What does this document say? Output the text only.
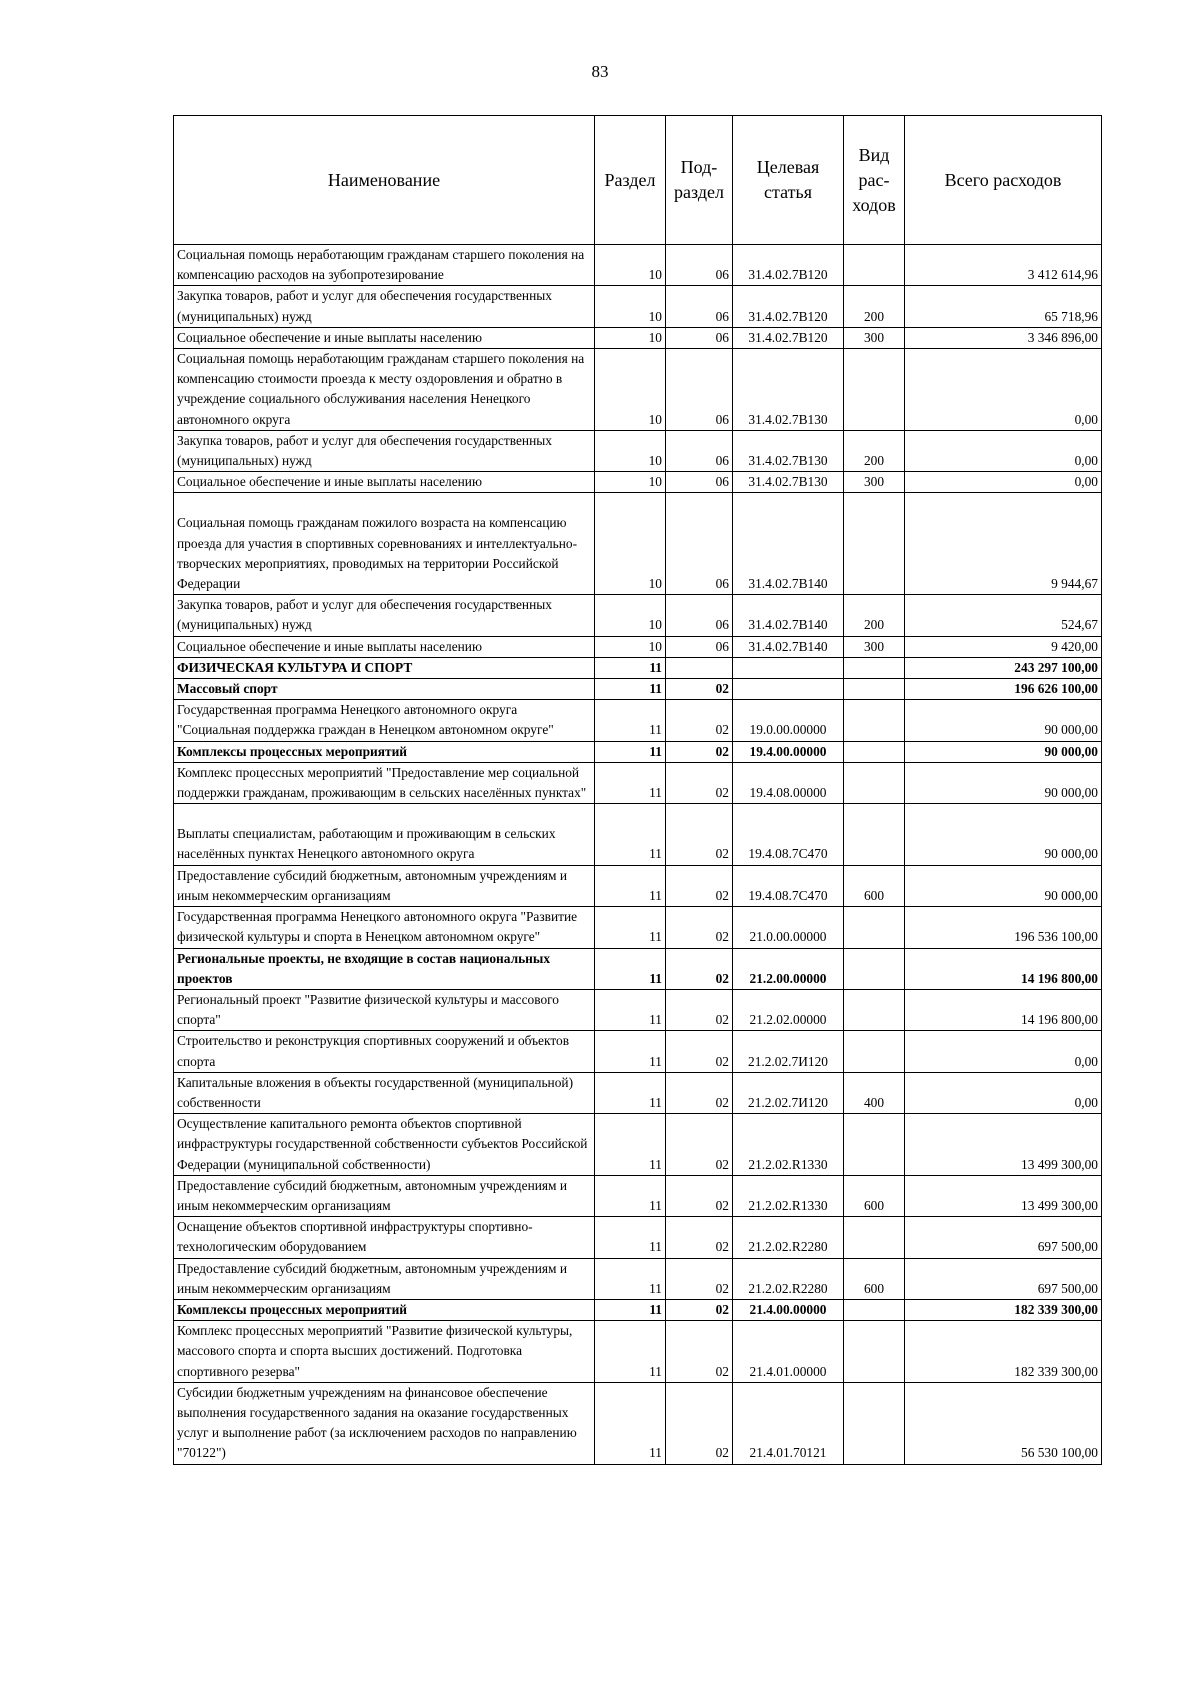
83
Наименование	Раздел	Под-раздел	Целевая статья	Вид рас-ходов	Всего расходов
Социальная помощь неработающим гражданам старшего поколения на компенсацию расходов на зубопротезирование	10	06	31.4.02.7В120		3 412 614,96
Закупка товаров, работ и услуг для обеспечения государственных (муниципальных) нужд	10	06	31.4.02.7В120	200	65 718,96
Социальное обеспечение и иные выплаты населению	10	06	31.4.02.7В120	300	3 346 896,00
Социальная помощь неработающим гражданам старшего поколения на компенсацию стоимости проезда к месту оздоровления и обратно в учреждение социального обслуживания населения Ненецкого автономного округа	10	06	31.4.02.7В130		0,00
Закупка товаров, работ и услуг для обеспечения государственных (муниципальных) нужд	10	06	31.4.02.7В130	200	0,00
Социальное обеспечение и иные выплаты населению	10	06	31.4.02.7В130	300	0,00

Социальная помощь гражданам пожилого возраста на компенсацию проезда для участия в спортивных соревнованиях и интеллектуально-творческих мероприятиях, проводимых на территории Российской Федерации	10	06	31.4.02.7В140		9 944,67
Закупка товаров, работ и услуг для обеспечения государственных (муниципальных) нужд	10	06	31.4.02.7В140	200	524,67
Социальное обеспечение и иные выплаты населению	10	06	31.4.02.7В140	300	9 420,00
ФИЗИЧЕСКАЯ КУЛЬТУРА И СПОРТ	11				243 297 100,00
Массовый спорт	11	02			196 626 100,00
Государственная программа Ненецкого автономного округа "Социальная поддержка граждан в Ненецком автономном округе"	11	02	19.0.00.00000		90 000,00
Комплексы процессных мероприятий	11	02	19.4.00.00000		90 000,00
Комплекс процессных мероприятий "Предоставление мер социальной поддержки гражданам, проживающим в сельских населённых пунктах"	11	02	19.4.08.00000		90 000,00

Выплаты специалистам, работающим и проживающим в сельских населённых пунктах Ненецкого автономного округа	11	02	19.4.08.7С470		90 000,00
Предоставление субсидий бюджетным, автономным учреждениям и иным некоммерческим организациям	11	02	19.4.08.7С470	600	90 000,00
Государственная программа Ненецкого автономного округа "Развитие физической культуры и спорта в Ненецком автономном округе"	11	02	21.0.00.00000		196 536 100,00
Региональные проекты, не входящие в состав национальных проектов	11	02	21.2.00.00000		14 196 800,00
Региональный проект "Развитие физической культуры и массового спорта"	11	02	21.2.02.00000		14 196 800,00
Строительство и реконструкция спортивных сооружений и объектов спорта	11	02	21.2.02.7И120		0,00
Капитальные вложения в объекты государственной (муниципальной) собственности	11	02	21.2.02.7И120	400	0,00
Осуществление капитального ремонта объектов спортивной инфраструктуры государственной собственности субъектов Российской Федерации (муниципальной собственности)	11	02	21.2.02.R1330		13 499 300,00
Предоставление субсидий бюджетным, автономным учреждениям и иным некоммерческим организациям	11	02	21.2.02.R1330	600	13 499 300,00
Оснащение объектов спортивной инфраструктуры спортивно-технологическим оборудованием	11	02	21.2.02.R2280		697 500,00
Предоставление субсидий бюджетным, автономным учреждениям и иным некоммерческим организациям	11	02	21.2.02.R2280	600	697 500,00
Комплексы процессных мероприятий	11	02	21.4.00.00000		182 339 300,00
Комплекс процессных мероприятий "Развитие физической культуры, массового спорта и спорта высших достижений. Подготовка спортивного резерва"	11	02	21.4.01.00000		182 339 300,00
Субсидии бюджетным учреждениям на финансовое обеспечение выполнения государственного задания на оказание государственных услуг и выполнение работ (за исключением расходов по направлению "70122")	11	02	21.4.01.70121		56 530 100,00
